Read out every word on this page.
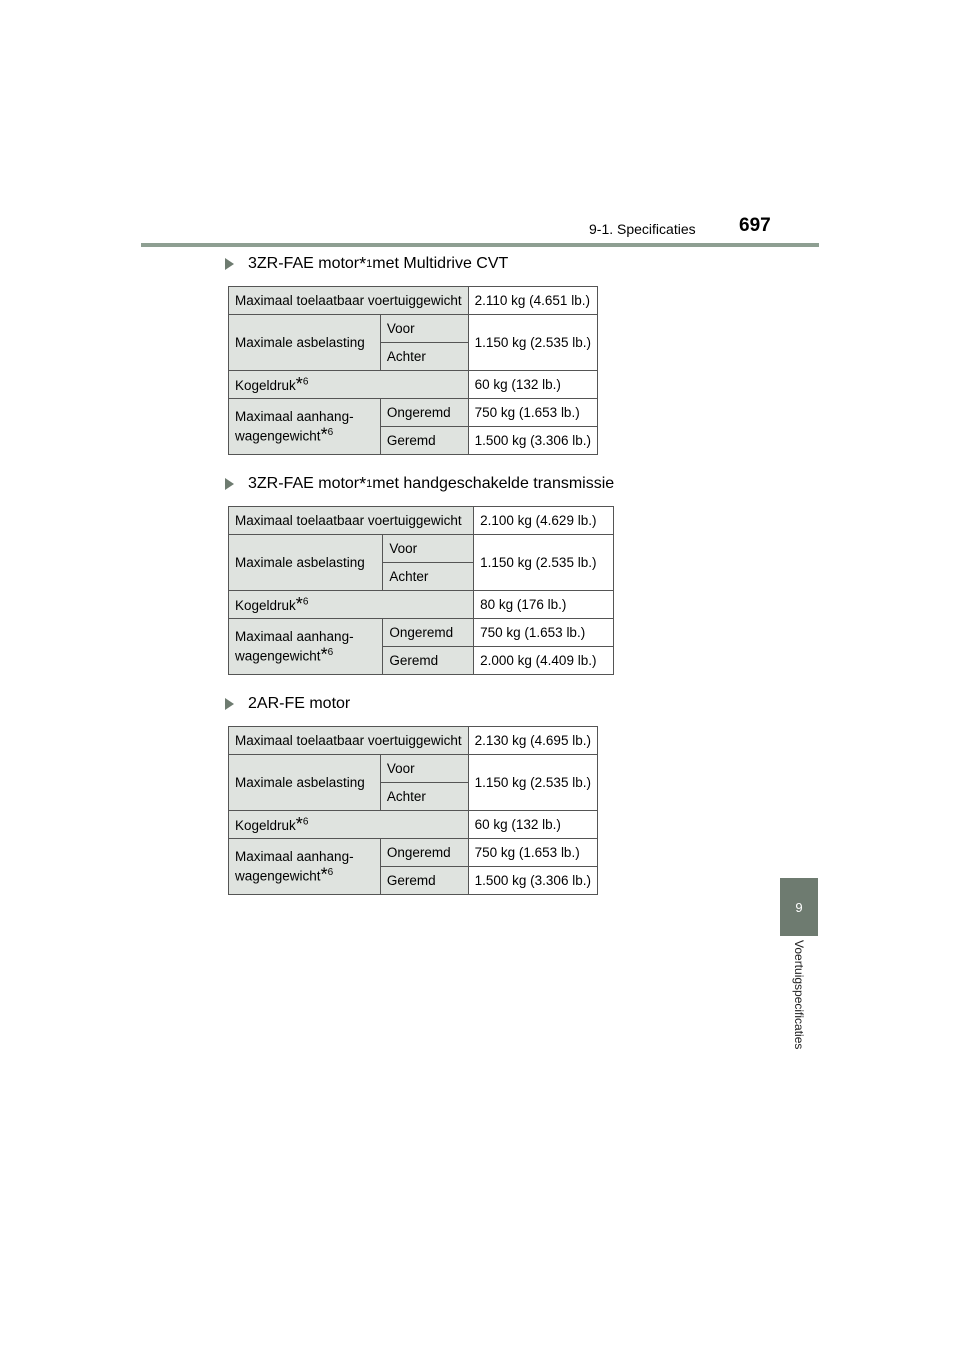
9-1. Specificaties 697
9
Voertuigspecificaties
3ZR-FAE motor * 1 met Multidrive CVT
Maximaal toelaatbaar voertuiggewicht		2.110 kg (4.651 lb.)
Maximale asbelasting	Voor	1.150 kg (2.535 lb.)
	Achter	
Kogeldruk*$^6$		60 kg (132 lb.)
Maximaal aanhang-
wagengewicht*$^6$	Ongeremd	750 kg (1.653 lb.)
	Geremd	1.500 kg (3.306 lb.)
3ZR-FAE motor * 1 met handgeschakelde transmissie
Maximaal toelaatbaar voertuiggewicht		2.100 kg (4.629 lb.)
Maximale asbelasting	Voor	1.150 kg (2.535 lb.)
	Achter	
Kogeldruk*$^6$		80 kg (176 lb.)
Maximaal aanhang-
wagengewicht*$^6$	Ongeremd	750 kg (1.653 lb.)
	Geremd	2.000 kg (4.409 lb.)
2AR-FE motor
Maximaal toelaatbaar voertuiggewicht		2.130 kg (4.695 lb.)
Maximale asbelasting	Voor	1.150 kg (2.535 lb.)
	Achter	
Kogeldruk*$^6$		60 kg (132 lb.)
Maximaal aanhang-
wagengewicht*$^6$	Ongeremd	750 kg (1.653 lb.)
	Geremd	1.500 kg (3.306 lb.)
